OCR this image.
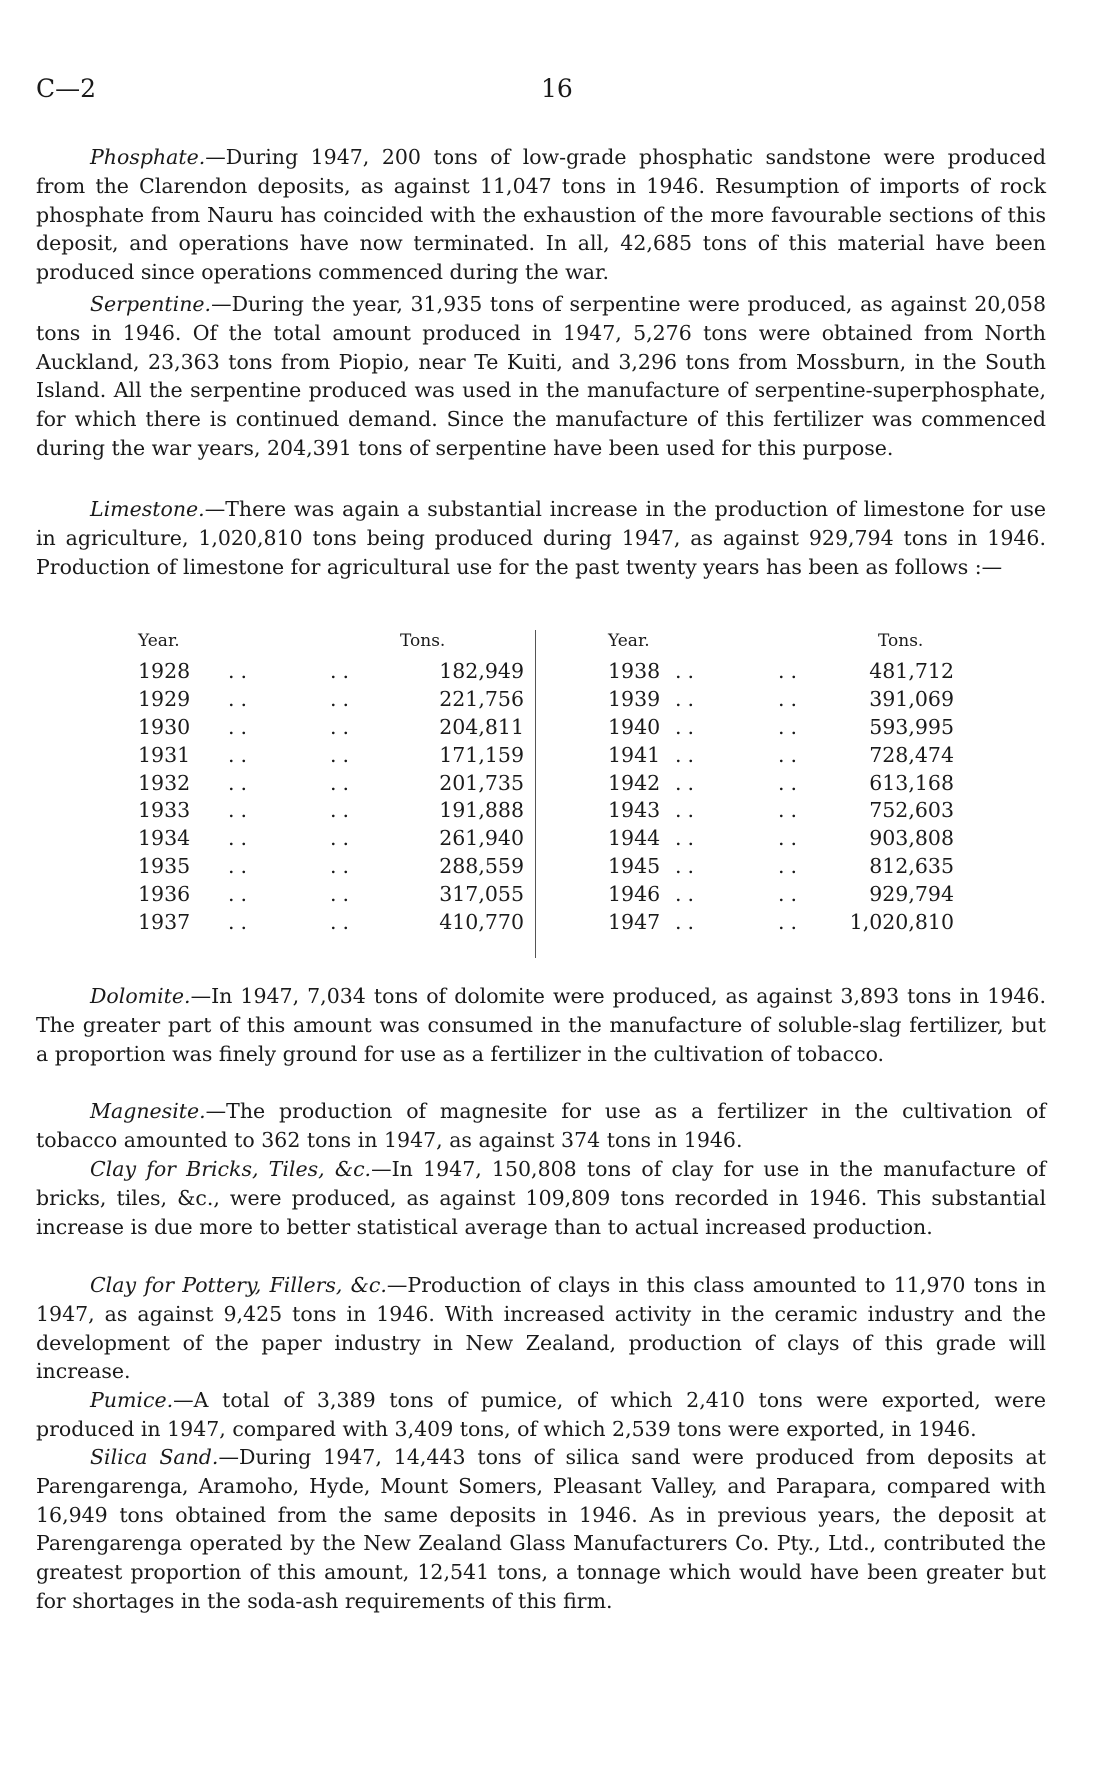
C—2	16

Phosphate.—During 1947, 200 tons of low-grade phosphatic sandstone were produced from the Clarendon deposits, as against 11,047 tons in 1946. Resumption of imports of rock phosphate from Nauru has coincided with the exhaustion of the more favourable sections of this deposit, and operations have now terminated. In all, 42,685 tons of this material have been produced since operations commenced during the war.

Serpentine.—During the year, 31,935 tons of serpentine were produced, as against 20,058 tons in 1946. Of the total amount produced in 1947, 5,276 tons were obtained from North Auckland, 23,363 tons from Piopio, near Te Kuiti, and 3,296 tons from Mossburn, in the South Island. All the serpentine produced was used in the manufacture of serpentine-superphosphate, for which there is continued demand. Since the manufacture of this fertilizer was commenced during the war years, 204,391 tons of serpentine have been used for this purpose.

Limestone.—There was again a substantial increase in the production of limestone for use in agriculture, 1,020,810 tons being produced during 1947, as against 929,794 tons in 1946. Production of limestone for agricultural use for the past twenty years has been as follows :—

Year.	Tons.
1928 ..	..	182,949
1929 ..	..	221,756
1930 ..	..	204,811
1931 ..	..	171,159
1932 ..	..	201,735
1933 ..	..	191,888
1934 ..	..	261,940
1935 ..	..	288,559
1936 ..	..	317,055
1937 ..	..	410,770
Year.	Tons.
1938 ..	..	481,712
1939 ..	..	391,069
1940 ..	..	593,995
1941 ..	..	728,474
1942 ..	..	613,168
1943 ..	..	752,603
1944 ..	..	903,808
1945 ..	..	812,635
1946 ..	..	929,794
1947 ..	.. 1,020,810

Dolomite.—In 1947, 7,034 tons of dolomite were produced, as against 3,893 tons in 1946. The greater part of this amount was consumed in the manufacture of soluble-slag fertilizer, but a proportion was finely ground for use as a fertilizer in the cultivation of tobacco.

Magnesite.—The production of magnesite for use as a fertilizer in the cultivation of tobacco amounted to 362 tons in 1947, as against 374 tons in 1946.

Clay for Bricks, Tiles, &c.—In 1947, 150,808 tons of clay for use in the manufacture of bricks, tiles, &c., were produced, as against 109,809 tons recorded in 1946. This substantial increase is due more to better statistical average than to actual increased production.

Clay for Pottery, Fillers, &c.—Production of clays in this class amounted to 11,970 tons in 1947, as against 9,425 tons in 1946. With increased activity in the ceramic industry and the development of the paper industry in New Zealand, production of clays of this grade will increase.

Pumice.—A total of 3,389 tons of pumice, of which 2,410 tons were exported, were produced in 1947, compared with 3,409 tons, of which 2,539 tons were exported, in 1946.

Silica Sand.—During 1947, 14,443 tons of silica sand were produced from deposits at Parengarenga, Aramoho, Hyde, Mount Somers, Pleasant Valley, and Parapara, compared with 16,949 tons obtained from the same deposits in 1946. As in previous years, the deposit at Parengarenga operated by the New Zealand Glass Manufacturers Co. Pty., Ltd., contributed the greatest proportion of this amount, 12,541 tons, a tonnage which would have been greater but for shortages in the soda-ash requirements of this firm.
